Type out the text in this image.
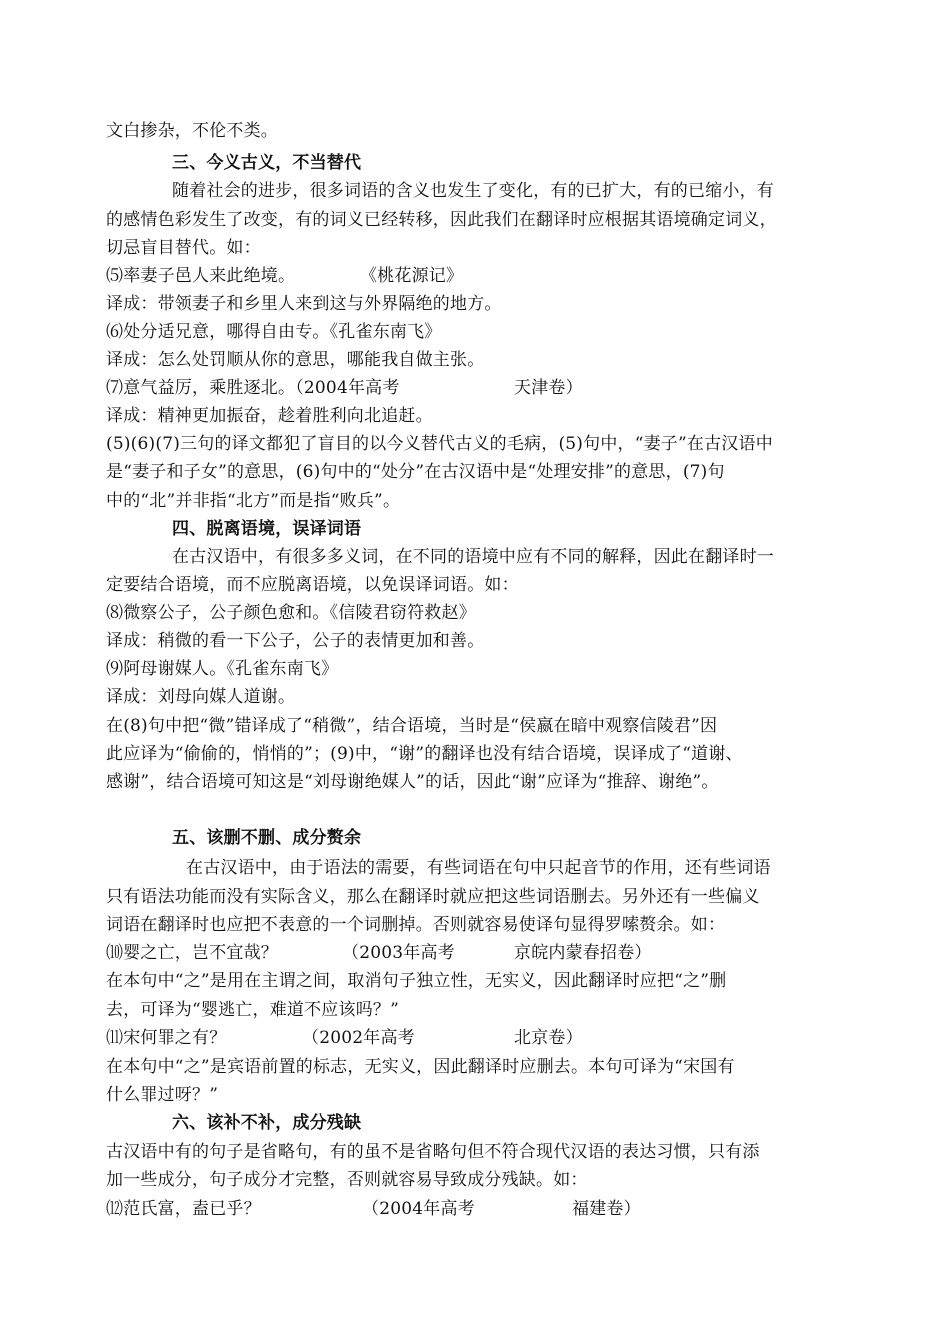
文白掺杂，不伦不类。
三、今义古义，不当替代
随着社会的进步，很多词语的含义也发生了变化，有的已扩大，有的已缩小，有
的感情色彩发生了改变，有的词义已经转移，因此我们在翻译时应根据其语境确定词义，
切忌盲目替代。如：
⑸率妻子邑人来此绝境。	《桃花源记》
译成：带领妻子和乡里人来到这与外界隔绝的地方。
⑹处分适兄意，哪得自由专。《孔雀东南飞》
译成：怎么处罚顺从你的意思，哪能我自做主张。
⑺意气益厉，乘胜逐北。（2004年高考	天津卷）
译成：精神更加振奋，趁着胜利向北追赶。
(5)(6)(7)三句的译文都犯了盲目的以今义替代古义的毛病，(5)句中，“妻子”在古汉语中
是“妻子和子女”的意思，(6)句中的“处分”在古汉语中是“处理安排”的意思，(7)句
中的“北”并非指“北方”而是指“败兵”。
四、脱离语境，误译词语
在古汉语中，有很多多义词，在不同的语境中应有不同的解释，因此在翻译时一
定要结合语境，而不应脱离语境，以免误译词语。如：
⑻微察公子，公子颜色愈和。《信陵君窃符救赵》
译成：稍微的看一下公子，公子的表情更加和善。
⑼阿母谢媒人。《孔雀东南飞》
译成：刘母向媒人道谢。
在(8)句中把“微”错译成了“稍微”，结合语境，当时是“侯嬴在暗中观察信陵君”因
此应译为“偷偷的，悄悄的”；(9)中，“谢”的翻译也没有结合语境，误译成了“道谢、
感谢”，结合语境可知这是“刘母谢绝媒人”的话，因此“谢”应译为“推辞、谢绝”。
五、该删不删、成分赘余
在古汉语中，由于语法的需要，有些词语在句中只起音节的作用，还有些词语
只有语法功能而没有实际含义，那么在翻译时就应把这些词语删去。另外还有一些偏义
词语在翻译时也应把不表意的一个词删掉。否则就容易使译句显得罗嗦赘余。如：
⑽婴之亡，岂不宜哉？	（2003年高考	京皖内蒙春招卷）
在本句中“之”是用在主谓之间，取消句子独立性，无实义，因此翻译时应把“之”删
去，可译为“婴逃亡，难道不应该吗？”
⑾宋何罪之有？	（2002年高考	北京卷）
在本句中“之”是宾语前置的标志，无实义，因此翻译时应删去。本句可译为“宋国有
什么罪过呀？”
六、该补不补，成分残缺
古汉语中有的句子是省略句，有的虽不是省略句但不符合现代汉语的表达习惯，只有添
加一些成分，句子成分才完整，否则就容易导致成分残缺。如：
⑿范氏富，盍已乎？	（2004年高考	福建卷）
